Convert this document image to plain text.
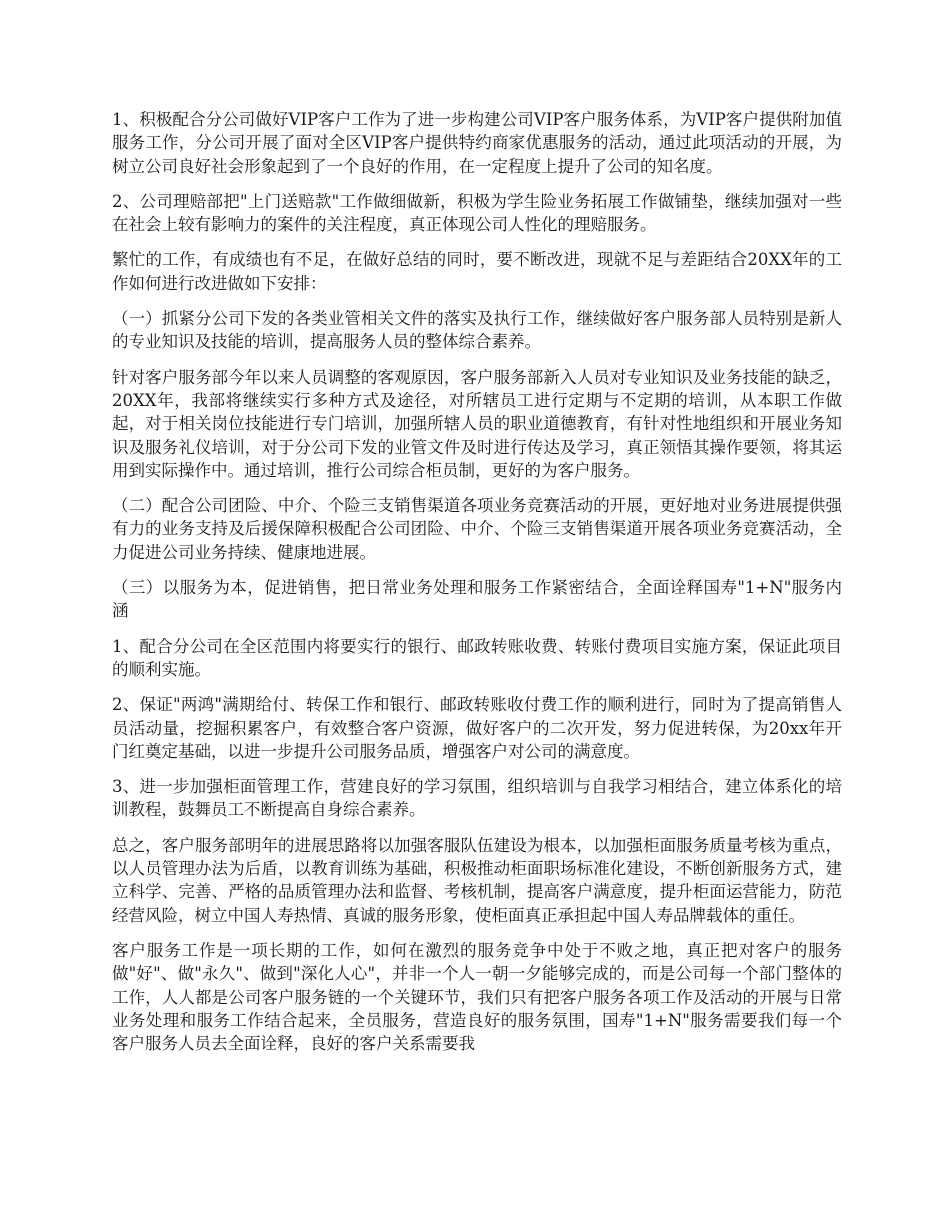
1、积极配合分公司做好VIP客户工作为了进一步构建公司VIP客户服务体系，为VIP客户提供附加值服务工作，分公司开展了面对全区VIP客户提供特约商家优惠服务的活动，通过此项活动的开展，为树立公司良好社会形象起到了一个良好的作用，在一定程度上提升了公司的知名度。

2、公司理赔部把"上门送赔款"工作做细做新，积极为学生险业务拓展工作做铺垫，继续加强对一些在社会上较有影响力的案件的关注程度，真正体现公司人性化的理赔服务。

繁忙的工作，有成绩也有不足，在做好总结的同时，要不断改进，现就不足与差距结合20XX年的工作如何进行改进做如下安排：

（一）抓紧分公司下发的各类业管相关文件的落实及执行工作，继续做好客户服务部人员特别是新人的专业知识及技能的培训，提高服务人员的整体综合素养。

针对客户服务部今年以来人员调整的客观原因，客户服务部新入人员对专业知识及业务技能的缺乏，20XX年，我部将继续实行多种方式及途径，对所辖员工进行定期与不定期的培训，从本职工作做起，对于相关岗位技能进行专门培训，加强所辖人员的职业道德教育，有针对性地组织和开展业务知识及服务礼仪培训，对于分公司下发的业管文件及时进行传达及学习，真正领悟其操作要领，将其运用到实际操作中。通过培训，推行公司综合柜员制，更好的为客户服务。

（二）配合公司团险、中介、个险三支销售渠道各项业务竞赛活动的开展，更好地对业务进展提供强有力的业务支持及后援保障积极配合公司团险、中介、个险三支销售渠道开展各项业务竞赛活动，全力促进公司业务持续、健康地进展。

（三）以服务为本，促进销售，把日常业务处理和服务工作紧密结合，全面诠释国寿"1+N"服务内涵

1、配合分公司在全区范围内将要实行的银行、邮政转账收费、转账付费项目实施方案，保证此项目的顺利实施。

2、保证"两鸿"满期给付、转保工作和银行、邮政转账收付费工作的顺利进行，同时为了提高销售人员活动量，挖掘积累客户，有效整合客户资源，做好客户的二次开发，努力促进转保，为20xx年开门红奠定基础，以进一步提升公司服务品质，增强客户对公司的满意度。

3、进一步加强柜面管理工作，营建良好的学习氛围，组织培训与自我学习相结合，建立体系化的培训教程，鼓舞员工不断提高自身综合素养。

总之，客户服务部明年的进展思路将以加强客服队伍建设为根本，以加强柜面服务质量考核为重点，以人员管理办法为后盾，以教育训练为基础，积极推动柜面职场标准化建设，不断创新服务方式，建立科学、完善、严格的品质管理办法和监督、考核机制，提高客户满意度，提升柜面运营能力，防范经营风险，树立中国人寿热情、真诚的服务形象，使柜面真正承担起中国人寿品牌载体的重任。

客户服务工作是一项长期的工作，如何在激烈的服务竞争中处于不败之地，真正把对客户的服务做"好"、做"永久"、做到"深化人心"，并非一个人一朝一夕能够完成的，而是公司每一个部门整体的工作，人人都是公司客户服务链的一个关键环节，我们只有把客户服务各项工作及活动的开展与日常业务处理和服务工作结合起来，全员服务，营造良好的服务氛围，国寿"1+N"服务需要我们每一个客户服务人员去全面诠释，良好的客户关系需要我
